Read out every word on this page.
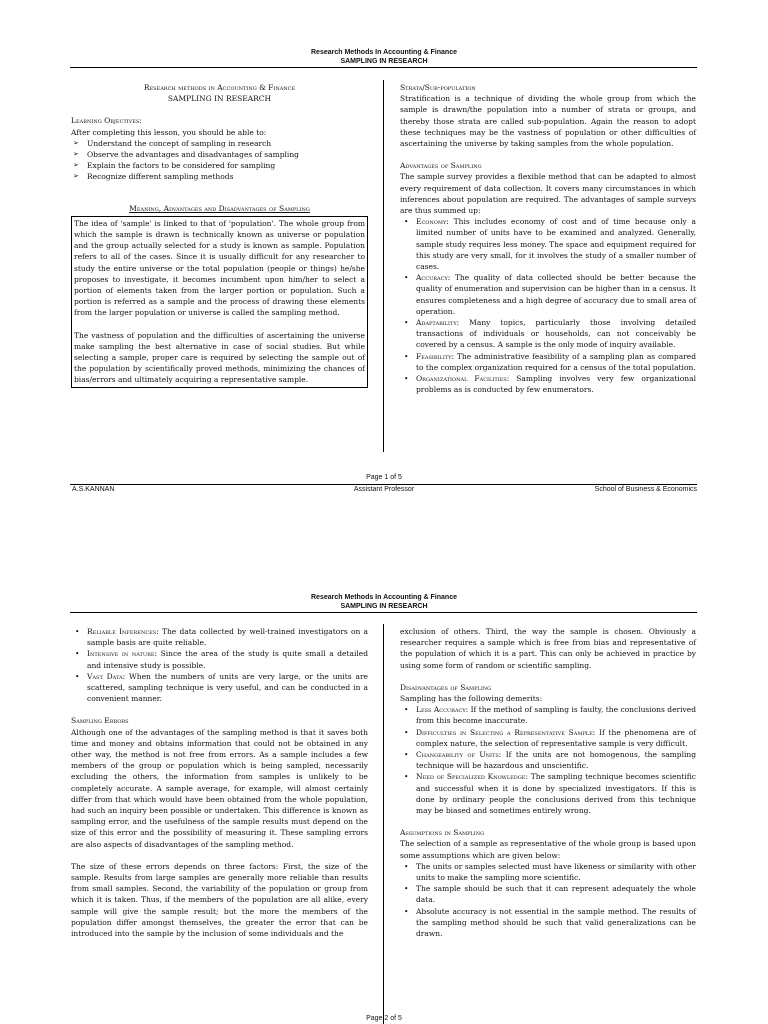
Research Methods In Accounting & Finance
SAMPLING IN RESEARCH

Research methods in Accounting & Finance

SAMPLING IN RESEARCH

Learning Objectives:

After completing this lesson, you should be able to:

➢ Understand the concept of sampling in research
➢ Observe the advantages and disadvantages of sampling
➢ Explain the factors to be considered for sampling
➢ Recognize different sampling methods

Meaning, Advantages and Disadvantages of Sampling

The idea of 'sample' is linked to that of 'population'. The whole group from which the sample is drawn is technically known as universe or population and the group actually selected for a study is known as sample. Population refers to all of the cases. Since it is usually difficult for any researcher to study the entire universe or the total population (people or things) he/she proposes to investigate, it becomes incumbent upon him/her to select a portion of elements taken from the larger portion or population. Such a portion is referred as a sample and the process of drawing these elements from the larger population or universe is called the sampling method.

The vastness of population and the difficulties of ascertaining the universe make sampling the best alternative in case of social studies. But while selecting a sample, proper care is required by selecting the sample out of the population by scientifically proved methods, minimizing the chances of bias/errors and ultimately acquiring a representative sample.

Strata/Sub-population

Stratification is a technique of dividing the whole group from which the sample is drawn/the population into a number of strata or groups, and thereby those strata are called sub-population. Again the reason to adopt these techniques may be the vastness of population or other difficulties of ascertaining the universe by taking samples from the whole population.

Advantages of Sampling

The sample survey provides a flexible method that can be adapted to almost every requirement of data collection. It covers many circumstances in which inferences about population are required. The advantages of sample surveys are thus summed up:

• Economy: This includes economy of cost and of time because only a limited number of units have to be examined and analyzed. Generally, sample study requires less money. The space and equipment required for this study are very small, for it involves the study of a smaller number of cases.
• Accuracy: The quality of data collected should be better because the quality of enumeration and supervision can be higher than in a census. It ensures completeness and a high degree of accuracy due to small area of operation.
• Adaptability: Many topics, particularly those involving detailed transactions of individuals or households, can not conceivably be covered by a census. A sample is the only mode of inquiry available.
• Feasibility: The administrative feasibility of a sampling plan as compared to the complex organization required for a census of the total population.
• Organizational Facilities: Sampling involves very few organizational problems as is conducted by few enumerators.
Page 1 of 5
A.S.KANNAN	Assistant Professor	School of Business & Economics
Research Methods In Accounting & Finance
SAMPLING IN RESEARCH
• Reliable Inferences: The data collected by well-trained investigators on a sample basis are quite reliable.
• Intensive in nature: Since the area of the study is quite small a detailed and intensive study is possible.
• Vast Data: When the numbers of units are very large, or the units are scattered, sampling technique is very useful, and can be conducted in a convenient manner.

Sampling Errors

Although one of the advantages of the sampling method is that it saves both time and money and obtains information that could not be obtained in any other way, the method is not free from errors. As a sample includes a few members of the group or population which is being sampled, necessarily excluding the others, the information from samples is unlikely to be completely accurate. A sample average, for example, will almost certainly differ from that which would have been obtained from the whole population, had such an inquiry been possible or undertaken. This difference is known as sampling error, and the usefulness of the sample results must depend on the size of this error and the possibility of measuring it. These sampling errors are also aspects of disadvantages of the sampling method.

The size of these errors depends on three factors: First, the size of the sample. Results from large samples are generally more reliable than results from small samples. Second, the variability of the population or group from which it is taken. Thus, if the members of the population are all alike, every sample will give the sample result; but the more the members of the population differ amongst themselves, the greater the error that can be introduced into the sample by the inclusion of some individuals and the

exclusion of others. Third, the way the sample is chosen. Obviously a researcher requires a sample which is free from bias and representative of the population of which it is a part. This can only be achieved in practice by using some form of random or scientific sampling.

Disadvantages of Sampling

Sampling has the following demerits:

• Less Accuracy: If the method of sampling is faulty, the conclusions derived from this become inaccurate.
• Difficulties in Selecting a Representative Sample: If the phenomena are of complex nature, the selection of representative sample is very difficult.
• Changeability of Units: If the units are not homogenous, the sampling technique will be hazardous and unscientific.
• Need of Specialized Knowledge: The sampling technique becomes scientific and successful when it is done by specialized investigators. If this is done by ordinary people the conclusions derived from this technique may be biased and sometimes entirely wrong.

Assumptions in Sampling

The selection of a sample as representative of the whole group is based upon some assumptions which are given below:

• The units or samples selected must have likeness or similarity with other units to make the sampling more scientific.
• The sample should be such that it can represent adequately the whole data.
• Absolute accuracy is not essential in the sample method. The results of the sampling method should be such that valid generalizations can be drawn.
Page 2 of 5
